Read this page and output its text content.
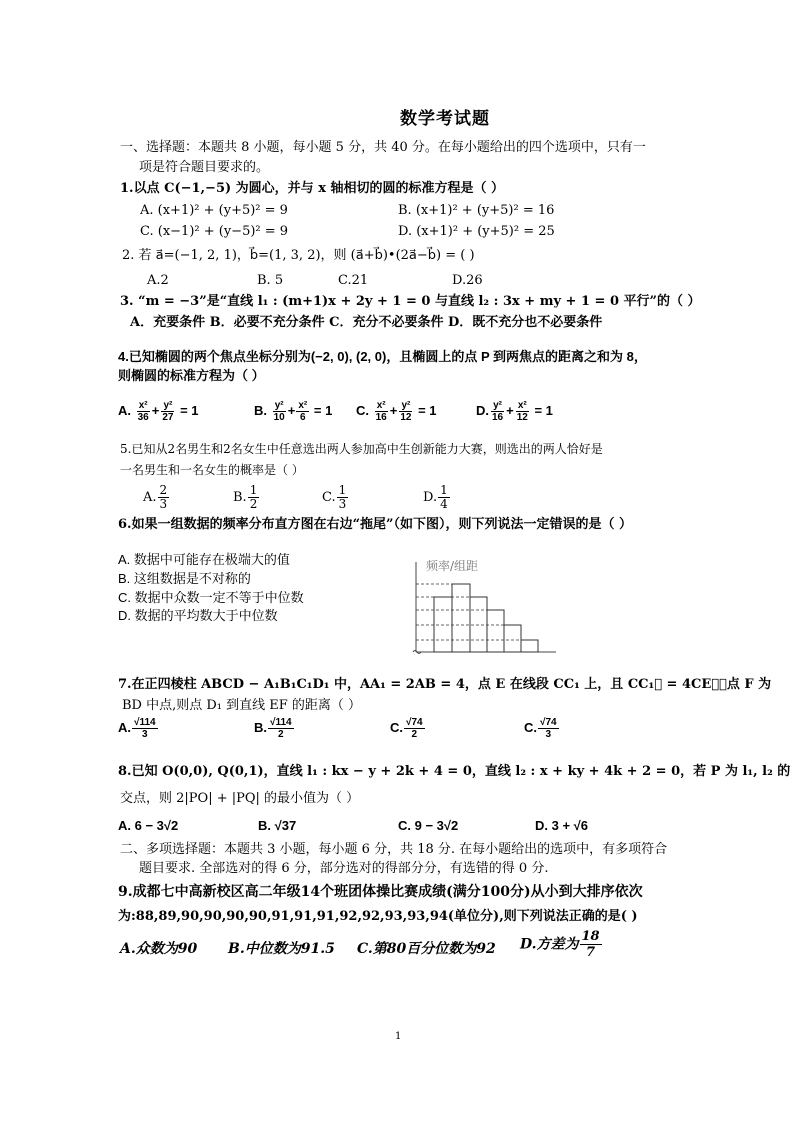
数学考试题
一、选择题：本题共 8 小题，每小题 5 分，共 40 分。在每小题给出的四个选项中，只有一
项是符合题目要求的。
1.以点 C(−1,−5) 为圆心，并与 x 轴相切的圆的标准方程是（ ）
A. (x+1)² + (y+5)² = 9	B. (x+1)² + (y+5)² = 16
C. (x−1)² + (y−5)² = 9	D. (x+1)² + (y+5)² = 25
2. 若 a⃗=(−1, 2, 1)，b⃗=(1, 3, 2)，则 (a⃗+b⃗)•(2a⃗−b⃗) = ( )
A.2	B. 5	C.21	D.26
3. “m = −3”是“直线 l₁ : (m+1)x + 2y + 1 = 0 与直线 l₂ : 3x + my + 1 = 0 平行”的（ ）
A．充要条件 B．必要不充分条件 C．充分不必要条件 D．既不充分也不必要条件
4.已知椭圆的两个焦点坐标分别为(−2, 0), (2, 0)，且椭圆上的点 P 到两焦点的距离之和为 8，
则椭圆的标准方程为（ ）
A. $\frac{\text{x²}}{36} + \frac{\text{y²}}{27} = 1$	B. $\frac{\text{y²}}{10} + \frac{\text{x²}}{6} = 1$ C. $\frac{\text{x²}}{16} + \frac{\text{y²}}{12} = 1$	D. $\frac{\text{y²}}{16} + \frac{\text{x²}}{12} = 1$
5.已知从2名男生和2名女生中任意选出两人参加高中生创新能力大赛，则选出的两人恰好是
一名男生和一名女生的概率是（ ）
A. $\frac{2}{3}$	B. $\frac{1}{2}$	C. $\frac{1}{3}$	D. $\frac{1}{4}$
6.如果一组数据的频率分布直方图在右边“拖尾”（如下图），则下列说法一定错误的是（ ）
A. 数据中可能存在极端大的值
B. 这组数据是不对称的
C. 数据中众数一定不等于中位数
D. 数据的平均数大于中位数
频率/组距
7.在正四棱柱 ABCD − A₁B₁C₁D₁ 中，AA₁ = 2AB = 4，点 E 在线段 CC₁ 上，且 CC₁⃗ = 4CE⃗，点 F 为
BD 中点,则点 D₁ 到直线 EF 的距离（ ）
A. $\frac{√114}{3}$	B. $\frac{√114}{2}$	C. $\frac{√74}{2}$	C. $\frac{√74}{3}$
8.已知 O(0,0), Q(0,1)，直线 l₁ : kx − y + 2k + 4 = 0，直线 l₂ : x + ky + 4k + 2 = 0，若 P 为 l₁, l₂ 的
交点，则 2|PO| + |PQ| 的最小值为（ ）
A. 6 − 3√2	B. √37	C. 9 − 3√2	D. 3 + √6
二、多项选择题：本题共 3 小题，每小题 6 分，共 18 分. 在每小题给出的选项中，有多项符合
题目要求. 全部选对的得 6 分，部分选对的得部分分，有选错的得 0 分.
9.成都七中高新校区高二年级14个班团体操比赛成绩(满分100分)从小到大排序依次
为:88,89,90,90,90,90,91,91,91,92,92,93,93,94(单位分),则下列说法正确的是( )
A.众数为90 B.中位数为91.5 C.第80百分位数为92 D.方差为 $\frac{18}{7}$
1
